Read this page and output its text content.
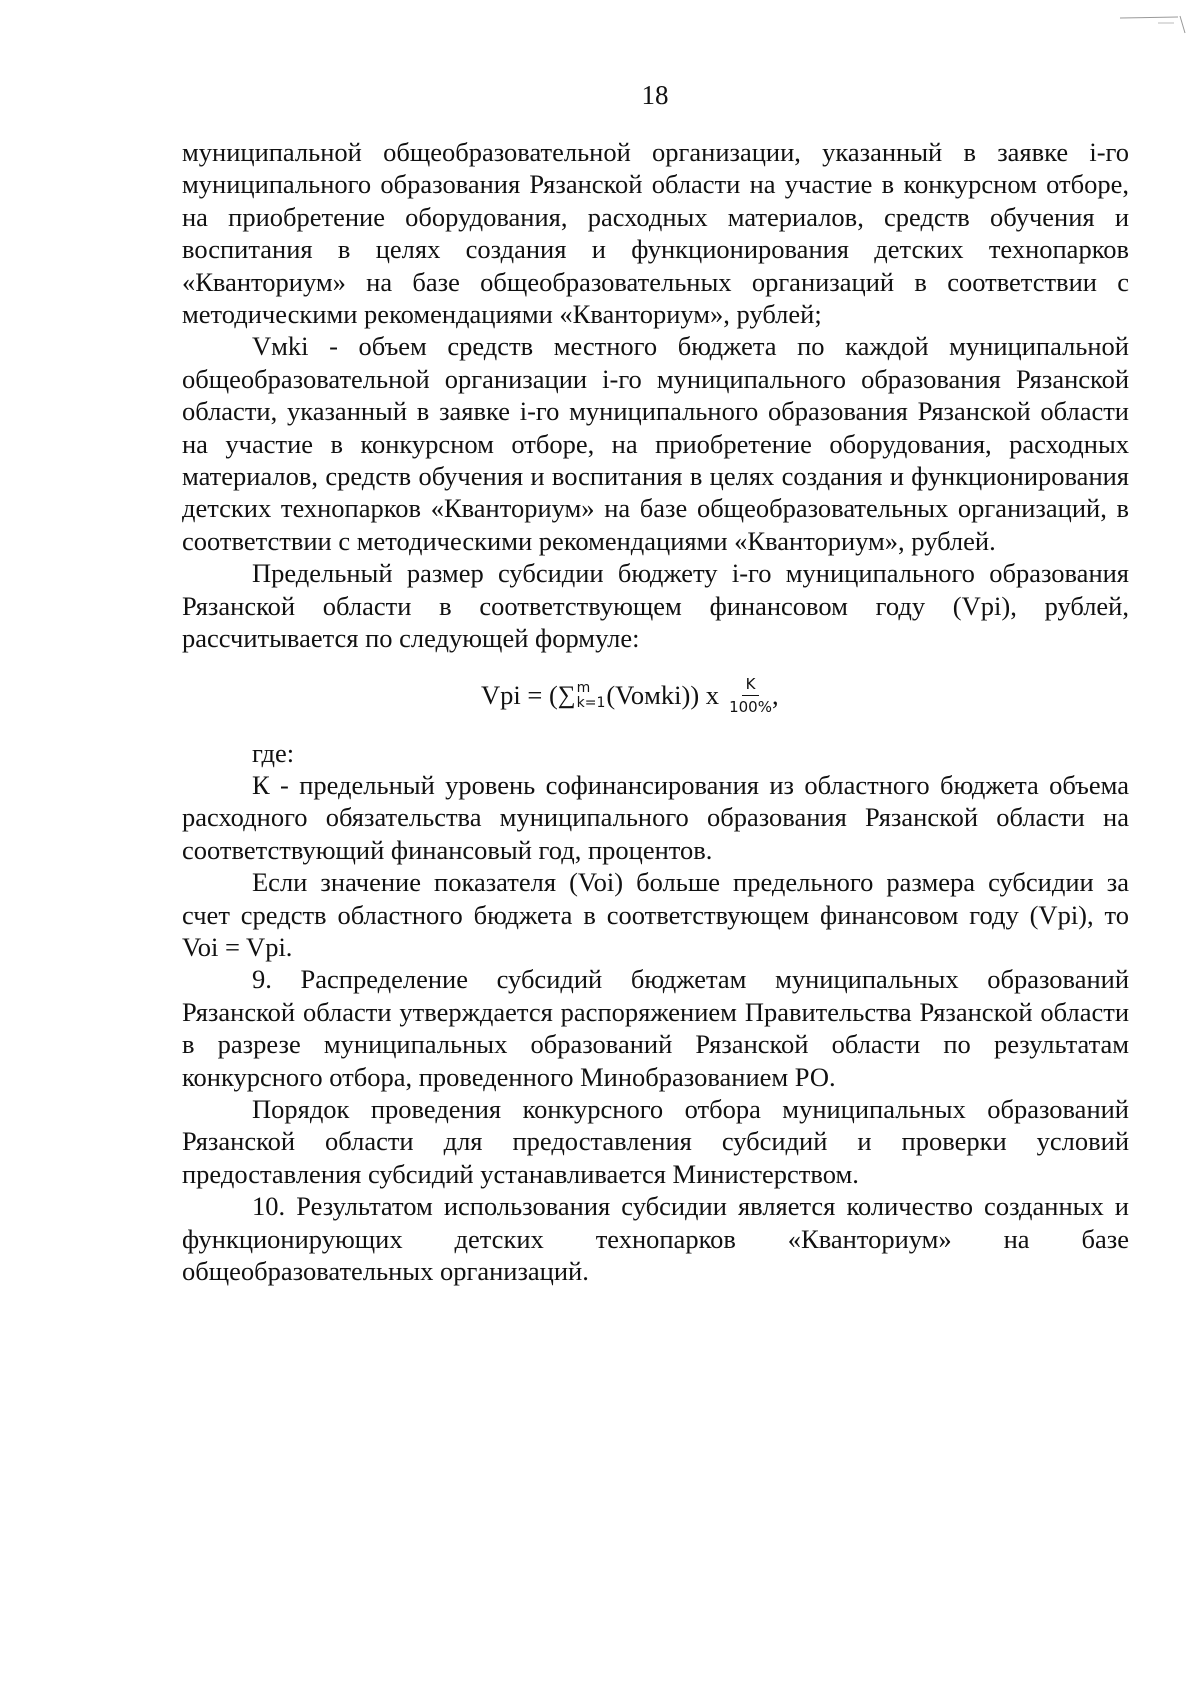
18

муниципальной общеобразовательной организации, указанный в заявке i-го муниципального образования Рязанской области на участие в конкурсном отборе, на приобретение оборудования, расходных материалов, средств обучения и воспитания в целях создания и функционирования детских технопарков «Кванториум» на базе общеобразовательных организаций в соответствии с методическими рекомендациями «Кванториум», рублей;

Vмki - объем средств местного бюджета по каждой муниципальной общеобразовательной организации i-го муниципального образования Рязанской области, указанный в заявке i-го муниципального образования Рязанской области на участие в конкурсном отборе, на приобретение оборудования, расходных материалов, средств обучения и воспитания в целях создания и функционирования детских технопарков «Кванториум» на базе общеобразовательных организаций, в соответствии с методическими рекомендациями «Кванториум», рублей.

Предельный размер субсидии бюджету i-го муниципального образования Рязанской области в соответствующем финансовом году (Vpi), рублей, рассчитывается по следующей формуле:

Vpi = ( ∑ m
k=1 (Voмki)) x $\frac{K}{100\%}$ ,

где:

К - предельный уровень софинансирования из областного бюджета объема расходного обязательства муниципального образования Рязанской области на соответствующий финансовый год, процентов.

Если значение показателя (Voi) больше предельного размера субсидии за счет средств областного бюджета в соответствующем финансовом году (Vpi), то Voi = Vpi.

9. Распределение субсидий бюджетам муниципальных образований Рязанской области утверждается распоряжением Правительства Рязанской области в разрезе муниципальных образований Рязанской области по результатам конкурсного отбора, проведенного Минобразованием РО.

Порядок проведения конкурсного отбора муниципальных образований Рязанской области для предоставления субсидий и проверки условий предоставления субсидий устанавливается Министерством.

10. Результатом использования субсидии является количество созданных и функционирующих детских технопарков «Кванториум» на базе общеобразовательных организаций.
